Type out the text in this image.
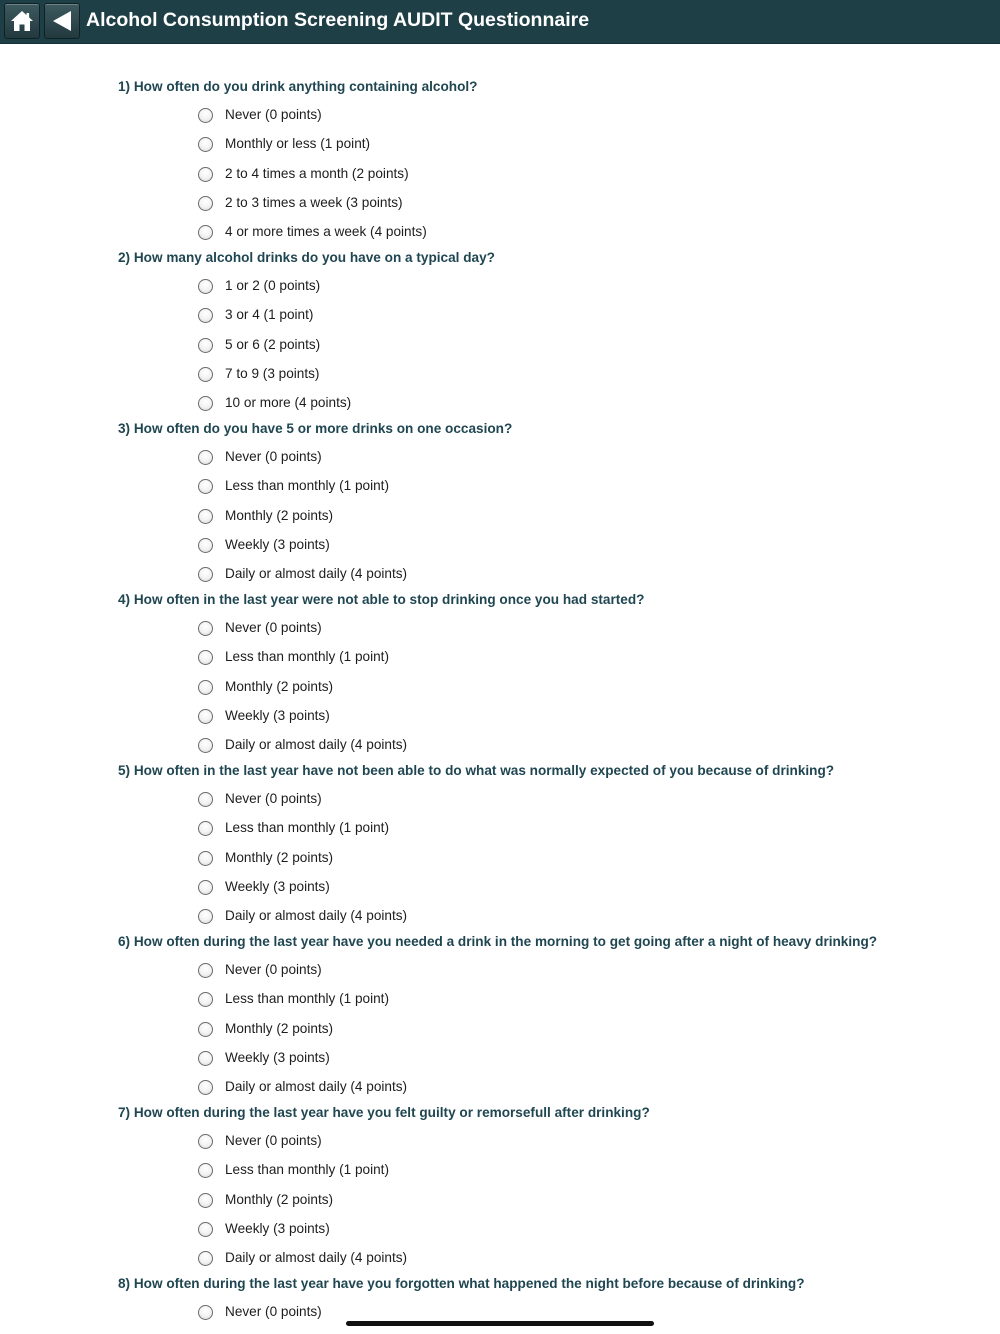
Alcohol Consumption Screening AUDIT Questionnaire
1) How often do you drink anything containing alcohol?
Never (0 points)
Monthly or less (1 point)
2 to 4 times a month (2 points)
2 to 3 times a week (3 points)
4 or more times a week (4 points)
2) How many alcohol drinks do you have on a typical day?
1 or 2 (0 points)
3 or 4 (1 point)
5 or 6 (2 points)
7 to 9 (3 points)
10 or more (4 points)
3) How often do you have 5 or more drinks on one occasion?
Never (0 points)
Less than monthly (1 point)
Monthly (2 points)
Weekly (3 points)
Daily or almost daily (4 points)
4) How often in the last year were not able to stop drinking once you had started?
Never (0 points)
Less than monthly (1 point)
Monthly (2 points)
Weekly (3 points)
Daily or almost daily (4 points)
5) How often in the last year have not been able to do what was normally expected of you because of drinking?
Never (0 points)
Less than monthly (1 point)
Monthly (2 points)
Weekly (3 points)
Daily or almost daily (4 points)
6) How often during the last year have you needed a drink in the morning to get going after a night of heavy drinking?
Never (0 points)
Less than monthly (1 point)
Monthly (2 points)
Weekly (3 points)
Daily or almost daily (4 points)
7) How often during the last year have you felt guilty or remorsefull after drinking?
Never (0 points)
Less than monthly (1 point)
Monthly (2 points)
Weekly (3 points)
Daily or almost daily (4 points)
8) How often during the last year have you forgotten what happened the night before because of drinking?
Never (0 points)
